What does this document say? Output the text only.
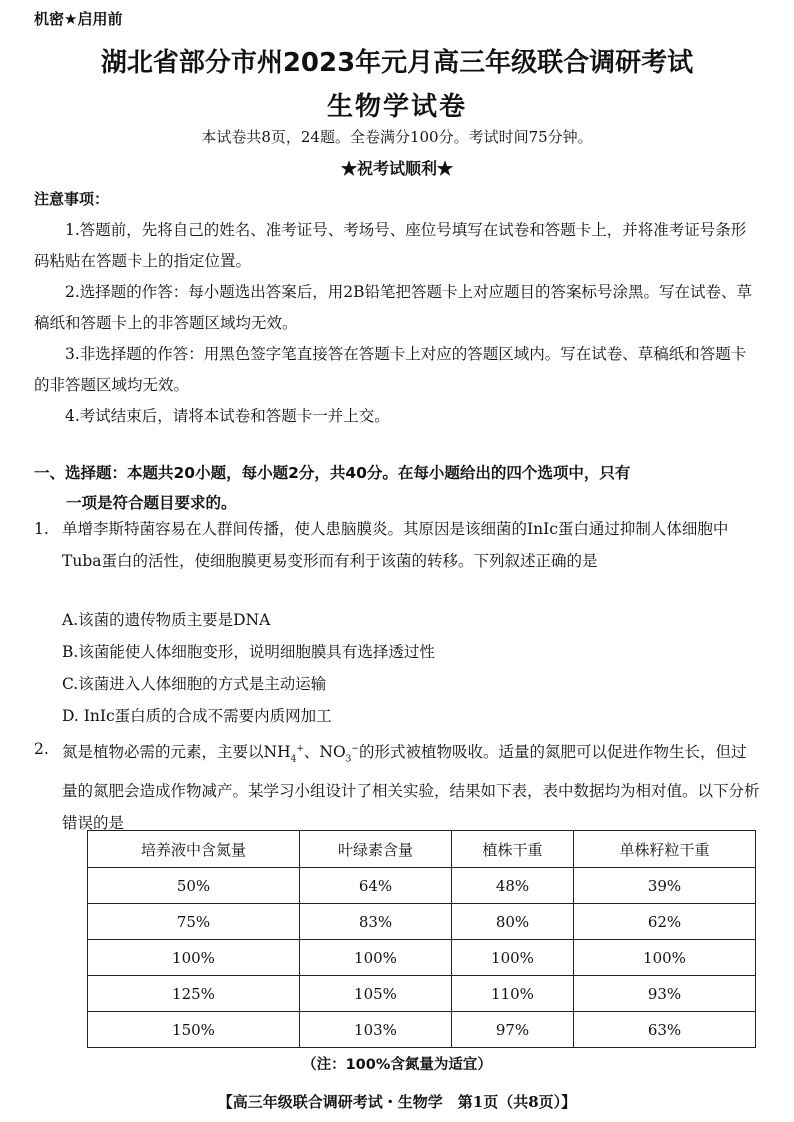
机密★启用前
湖北省部分市州2023年元月高三年级联合调研考试
生物学试卷
本试卷共8页，24题。全卷满分100分。考试时间75分钟。
★祝考试顺利★
注意事项：
1.答题前，先将自己的姓名、准考证号、考场号、座位号填写在试卷和答题卡上，并将准考证号条形码粘贴在答题卡上的指定位置。
2.选择题的作答：每小题选出答案后，用2B铅笔把答题卡上对应题目的答案标号涂黑。写在试卷、草稿纸和答题卡上的非答题区域均无效。
3.非选择题的作答：用黑色签字笔直接答在答题卡上对应的答题区域内。写在试卷、草稿纸和答题卡的非答题区域均无效。
4.考试结束后，请将本试卷和答题卡一并上交。
一、选择题：本题共20小题，每小题2分，共40分。在每小题给出的四个选项中，只有
一项是符合题目要求的。
1. 单增李斯特菌容易在人群间传播，使人患脑膜炎。其原因是该细菌的InIc蛋白通过抑制人体细胞中Tuba蛋白的活性，使细胞膜更易变形而有利于该菌的转移。下列叙述正确的是
A.该菌的遗传物质主要是DNA
B.该菌能使人体细胞变形，说明细胞膜具有选择透过性
C.该菌进入人体细胞的方式是主动运输
D. InIc蛋白质的合成不需要内质网加工
2. 氮是植物必需的元素，主要以$NH_4^+$、$NO_3^-$的形式被植物吸收。适量的氮肥可以促进作物生长，但过量的氮肥会造成作物减产。某学习小组设计了相关实验，结果如下表，表中数据均为相对值。以下分析错误的是
培养液中含氮量	叶绿素含量	植株干重	单株籽粒干重
50%	64%	48%	39%
75%	83%	80%	62%
100%	100%	100%	100%
125%	105%	110%	93%
150%	103%	97%	63%
（注：100%含氮量为适宜）
【高三年级联合调研考试・生物学　第1页（共8页）】
